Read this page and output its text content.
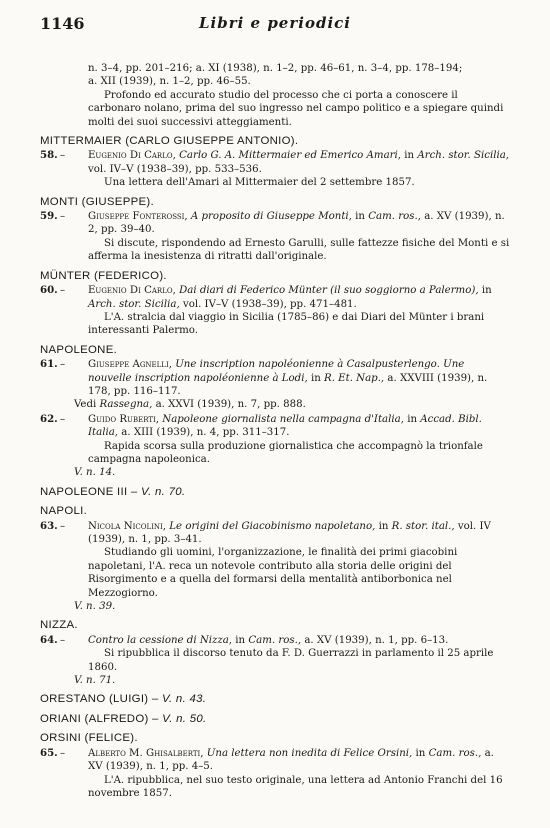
1146	Libri e periodici
n. 3–4, pp. 201–216; a. XI (1938), n. 1–2, pp. 46–61, n. 3–4, pp. 178–194;
a. XII (1939), n. 1–2, pp. 46–55.
Profondo ed accurato studio del processo che ci porta a conoscere il carbonaro nolano, prima del suo ingresso nel campo politico e a spiegare quindi molti dei suoi successivi atteggiamenti.
MITTERMAIER (CARLO GIUSEPPE ANTONIO).
58. –	Eugenio Di Carlo, Carlo G. A. Mittermaier ed Emerico Amari, in Arch. stor. Sicilia, vol. IV–V (1938–39), pp. 533–536.
Una lettera dell'Amari al Mittermaier del 2 settembre 1857.
MONTI (GIUSEPPE).
59. –	Giuseppe Fonterossi, A proposito di Giuseppe Monti, in Cam. ros., a. XV (1939), n. 2, pp. 39–40.
Si discute, rispondendo ad Ernesto Garulli, sulle fattezze fisiche del Monti e si afferma la inesistenza di ritratti dall'originale.
MÜNTER (FEDERICO).
60. –	Eugenio Di Carlo, Dai diari di Federico Münter (il suo soggiorno a Palermo), in Arch. stor. Sicilia, vol. IV–V (1938–39), pp. 471–481.
L'A. stralcia dal viaggio in Sicilia (1785–86) e dai Diari del Münter i brani interessanti Palermo.
NAPOLEONE.
61. –	Giuseppe Agnelli, Une inscription napoléonienne à Casalpusterlengo. Une nouvelle inscription napoléonienne à Lodi, in R. Et. Nap., a. XXVIII (1939), n. 178, pp. 116–117.
Vedi Rassegna, a. XXVI (1939), n. 7, pp. 888.
62. –	Guido Ruberti, Napoleone giornalista nella campagna d'Italia, in Accad. Bibl. Italia, a. XIII (1939), n. 4, pp. 311–317.
Rapida scorsa sulla produzione giornalistica che accompagnò la trionfale campagna napoleonica.
V. n. 14.
NAPOLEONE III – V. n. 70.
NAPOLI.
63. –	Nicola Nicolini, Le origini del Giacobinismo napoletano, in R. stor. ital., vol. IV (1939), n. 1, pp. 3–41.
Studiando gli uomini, l'organizzazione, le finalità dei primi giacobini napoletani, l'A. reca un notevole contributo alla storia delle origini del Risorgimento e a quella del formarsi della mentalità antiborbonica nel Mezzogiorno.
V. n. 39.
NIZZA.
64. –	Contro la cessione di Nizza, in Cam. ros., a. XV (1939), n. 1, pp. 6–13.
Si ripubblica il discorso tenuto da F. D. Guerrazzi in parlamento il 25 aprile 1860.
V. n. 71.
ORESTANO (LUIGI) – V. n. 43.
ORIANI (ALFREDO) – V. n. 50.
ORSINI (FELICE).
65. –	Alberto M. Ghisalberti, Una lettera non inedita di Felice Orsini, in Cam. ros., a. XV (1939), n. 1, pp. 4–5.
L'A. ripubblica, nel suo testo originale, una lettera ad Antonio Franchi del 16 novembre 1857.
